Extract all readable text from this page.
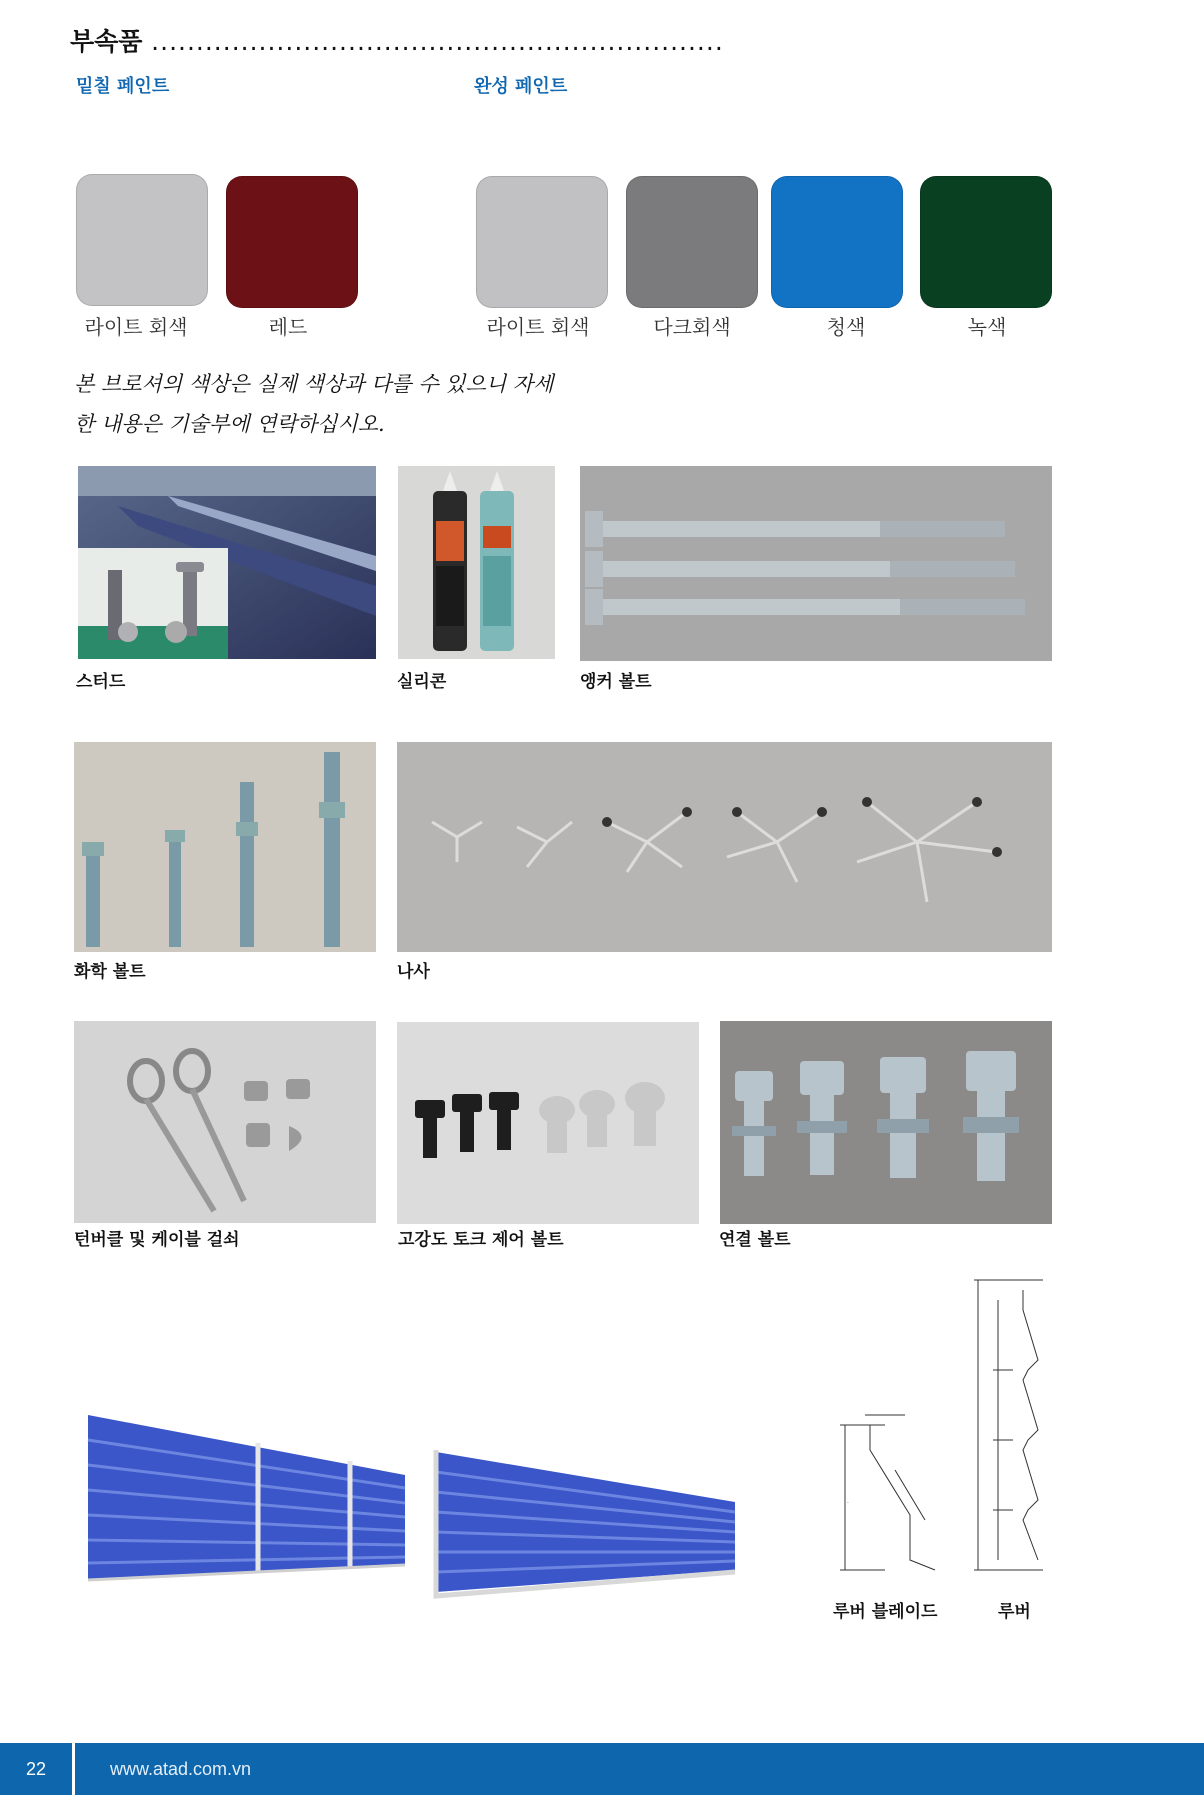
부속품 ................................................................
밑칠 페인트	완성 페인트
라이트 회색	레드	라이트 회색	다크회색	청색	녹색
본 브로셔의 색상은 실제 색상과 다를 수 있으니 자세
한 내용은 기술부에 연락하십시오.
스터드	실리콘	앵커 볼트
화학 볼트	나사
턴버클 및 케이블 걸쇠	고강도 토크 제어 볼트	연결 볼트
·
루버 블레이드	루버
22	www.atad.com.vn
